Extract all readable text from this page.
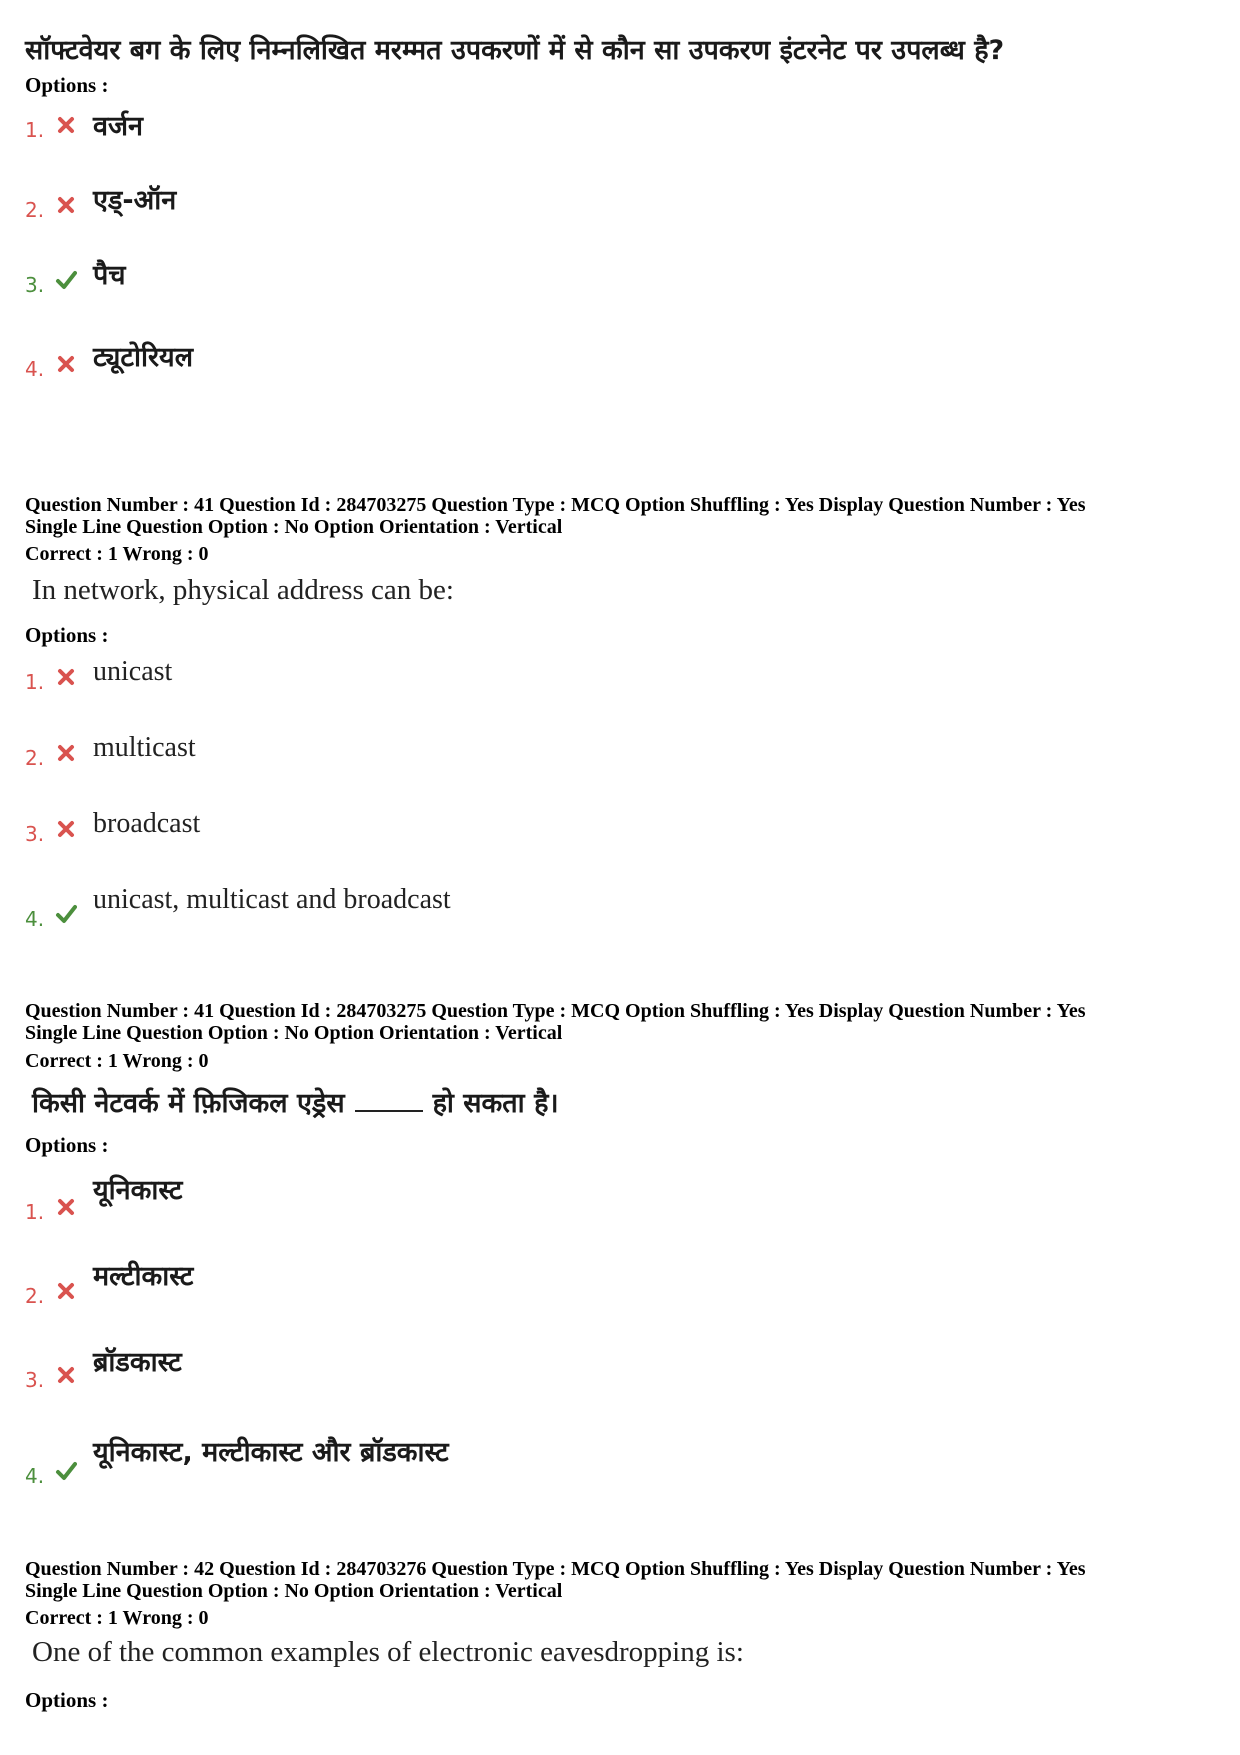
सॉफ्टवेयर बग के लिए निम्नलिखित मरम्मत उपकरणों में से कौन सा उपकरण इंटरनेट पर उपलब्ध है?
Options :
1. वर्जन
2. एड्-ऑन
3. पैच
4. ट्यूटोरियल
Question Number : 41 Question Id : 284703275 Question Type : MCQ Option Shuffling : Yes Display Question Number : Yes
Single Line Question Option : No Option Orientation : Vertical
Correct : 1 Wrong : 0
In network, physical address can be:
Options :
1. unicast
2. multicast
3. broadcast
4.
unicast, multicast and broadcast
Question Number : 41 Question Id : 284703275 Question Type : MCQ Option Shuffling : Yes Display Question Number : Yes
Single Line Question Option : No Option Orientation : Vertical
Correct : 1 Wrong : 0
किसी नेटवर्क में फ़िजिकल एड्रेस	हो सकता है।
Options :
1.
यूनिकास्ट
2.
मल्टीकास्ट
3.
ब्रॉडकास्ट
4.
यूनिकास्ट, मल्टीकास्ट और ब्रॉडकास्ट
Question Number : 42 Question Id : 284703276 Question Type : MCQ Option Shuffling : Yes Display Question Number : Yes
Single Line Question Option : No Option Orientation : Vertical
Correct : 1 Wrong : 0
One of the common examples of electronic eavesdropping is:
Options :
